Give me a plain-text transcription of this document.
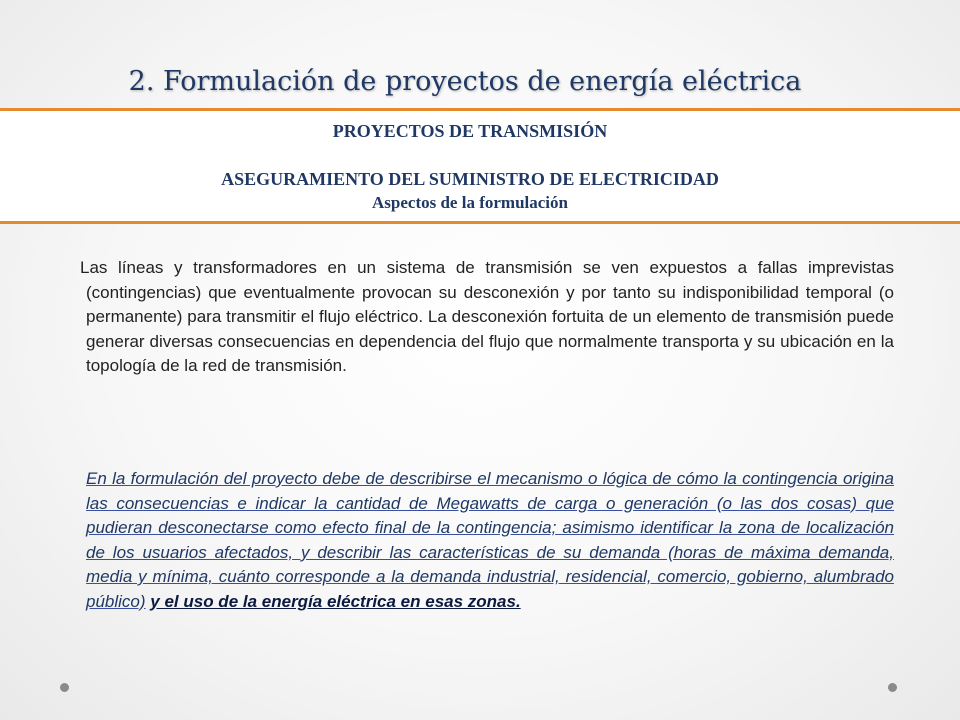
2. Formulación de proyectos de energía eléctrica
PROYECTOS DE TRANSMISIÓN
ASEGURAMIENTO DEL SUMINISTRO DE ELECTRICIDAD
Aspectos de la formulación

Las líneas y transformadores en un sistema de transmisión se ven expuestos a fallas imprevistas (contingencias) que eventualmente provocan su desconexión y por tanto su indisponibilidad temporal (o permanente) para transmitir el flujo eléctrico. La desconexión fortuita de un elemento de transmisión puede generar diversas consecuencias en dependencia del flujo que normalmente transporta y su ubicación en la topología de la red de transmisión.

En la formulación del proyecto debe de describirse el mecanismo o lógica de cómo la contingencia origina las consecuencias e indicar la cantidad de Megawatts de carga o generación (o las dos cosas) que pudieran desconectarse como efecto final de la contingencia; asimismo identificar la zona de localización de los usuarios afectados, y describir las características de su demanda (horas de máxima demanda, media y mínima, cuánto corresponde a la demanda industrial, residencial, comercio, gobierno, alumbrado público) y el uso de la energía eléctrica en esas zonas.
